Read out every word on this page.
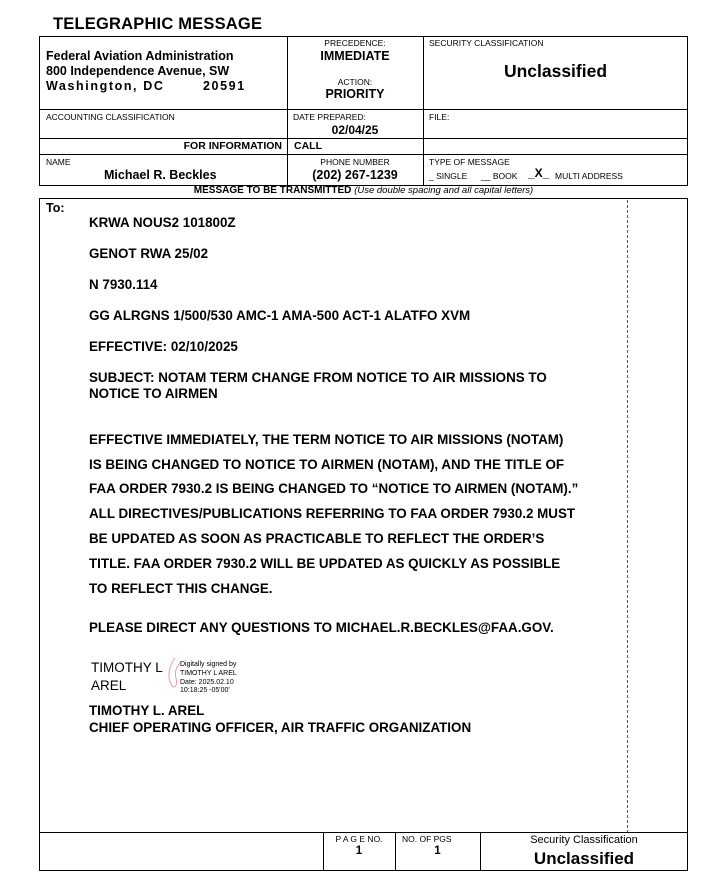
TELEGRAPHIC MESSAGE
Federal Aviation Administration
800 Independence Avenue, SW
Washington, DC	20591
PRECEDENCE:
IMMEDIATE
ACTION:
PRIORITY
SECURITY CLASSIFICATION
Unclassified
ACCOUNTING CLASSIFICATION	DATE PREPARED:
02/04/25
FILE:
FOR INFORMATION CALL
NAME
Michael R. Beckles
PHONE NUMBER
(202) 267-1239
TYPE OF MESSAGE
_ SINGLE __ BOOK _X_ MULTI ADDRESS
MESSAGE TO BE TRANSMITTED (Use double spacing and all capital letters)
To:
KRWA NOUS2 101800Z
GENOT RWA 25/02
N 7930.114
GG ALRGNS 1/500/530 AMC-1 AMA-500 ACT-1 ALATFO XVM
EFFECTIVE: 02/10/2025
SUBJECT: NOTAM TERM CHANGE FROM NOTICE TO AIR MISSIONS TO
NOTICE TO AIRMEN
EFFECTIVE IMMEDIATELY, THE TERM NOTICE TO AIR MISSIONS (NOTAM)
IS BEING CHANGED TO NOTICE TO AIRMEN (NOTAM), AND THE TITLE OF
FAA ORDER 7930.2 IS BEING CHANGED TO “NOTICE TO AIRMEN (NOTAM).”
ALL DIRECTIVES/PUBLICATIONS REFERRING TO FAA ORDER 7930.2 MUST
BE UPDATED AS SOON AS PRACTICABLE TO REFLECT THE ORDER’S
TITLE. FAA ORDER 7930.2 WILL BE UPDATED AS QUICKLY AS POSSIBLE
TO REFLECT THIS CHANGE.
PLEASE DIRECT ANY QUESTIONS TO MICHAEL.R.BECKLES@FAA.GOV.
TIMOTHY L
AREL
Digitally signed by
TIMOTHY L AREL
Date: 2025.02.10
10:18:25 -05'00'
TIMOTHY L. AREL
CHIEF OPERATING OFFICER, AIR TRAFFIC ORGANIZATION
P A G E NO.
1
NO. OF PGS
1
Security Classification
Unclassified
